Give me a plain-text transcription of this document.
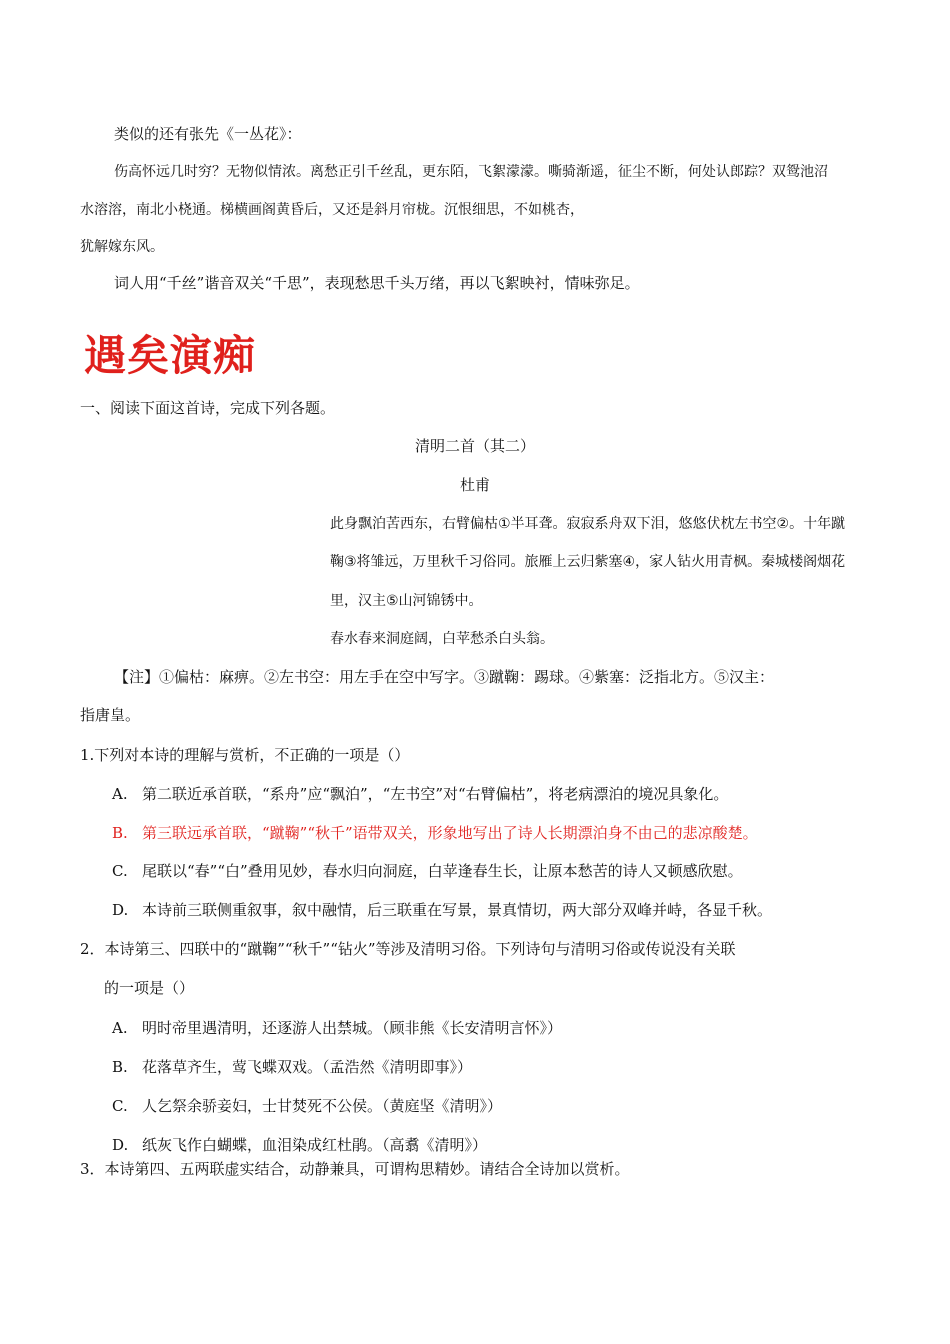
类似的还有张先《一丛花》：
伤高怀远几时穷？无物似情浓。离愁正引千丝乱，更东陌，飞絮濛濛。嘶骑渐遥，征尘不断，何处认郎踪？双鸳池沼
水溶溶，南北小桡通。梯横画阁黄昏后，又还是斜月帘栊。沉恨细思，不如桃杏，
犹解嫁东风。
词人用“千丝”谐音双关“千思”，表现愁思千头万绪，再以飞絮映衬，情味弥足。
遇矣演痴
一、阅读下面这首诗，完成下列各题。
清明二首（其二）
杜甫
此身飘泊苦西东，右臂偏枯①半耳聋。寂寂系舟双下泪，悠悠伏枕左书空②。十年蹴
鞠③将雏远，万里秋千习俗同。旅雁上云归紫塞④，家人钻火用青枫。秦城楼阁烟花
里，汉主⑤山河锦锈中。
春水春来洞庭阔，白苹愁杀白头翁。
【注】①偏枯：麻痹。②左书空：用左手在空中写字。③蹴鞠：踢球。④紫塞：泛指北方。⑤汉主：
指唐皇。
1.下列对本诗的理解与赏析，不正确的一项是（）
A. 第二联近承首联，“系舟”应“飘泊”，“左书空”对“右臂偏枯”，将老病漂泊的境况具象化。
B. 第三联远承首联，“蹴鞠”“秋千”语带双关，形象地写出了诗人长期漂泊身不由己的悲凉酸楚。
C. 尾联以“春”“白”叠用见妙，春水归向洞庭，白苹逢春生长，让原本愁苦的诗人又顿感欣慰。
D. 本诗前三联侧重叙事，叙中融情，后三联重在写景，景真情切，两大部分双峰并峙，各显千秋。
2．本诗第三、四联中的“蹴鞠”“秋千”“钻火”等涉及清明习俗。下列诗句与清明习俗或传说没有关联
的一项是（）
A. 明时帝里遇清明，还逐游人出禁城。（顾非熊《长安清明言怀》）
B. 花落草齐生，莺飞蝶双戏。（孟浩然《清明即事》）
C. 人乞祭余骄妾妇，士甘焚死不公侯。（黄庭坚《清明》）
D. 纸灰飞作白蝴蝶，血泪染成红杜鹃。（高翥《清明》）
3．本诗第四、五两联虚实结合，动静兼具，可谓构思精妙。请结合全诗加以赏析。
